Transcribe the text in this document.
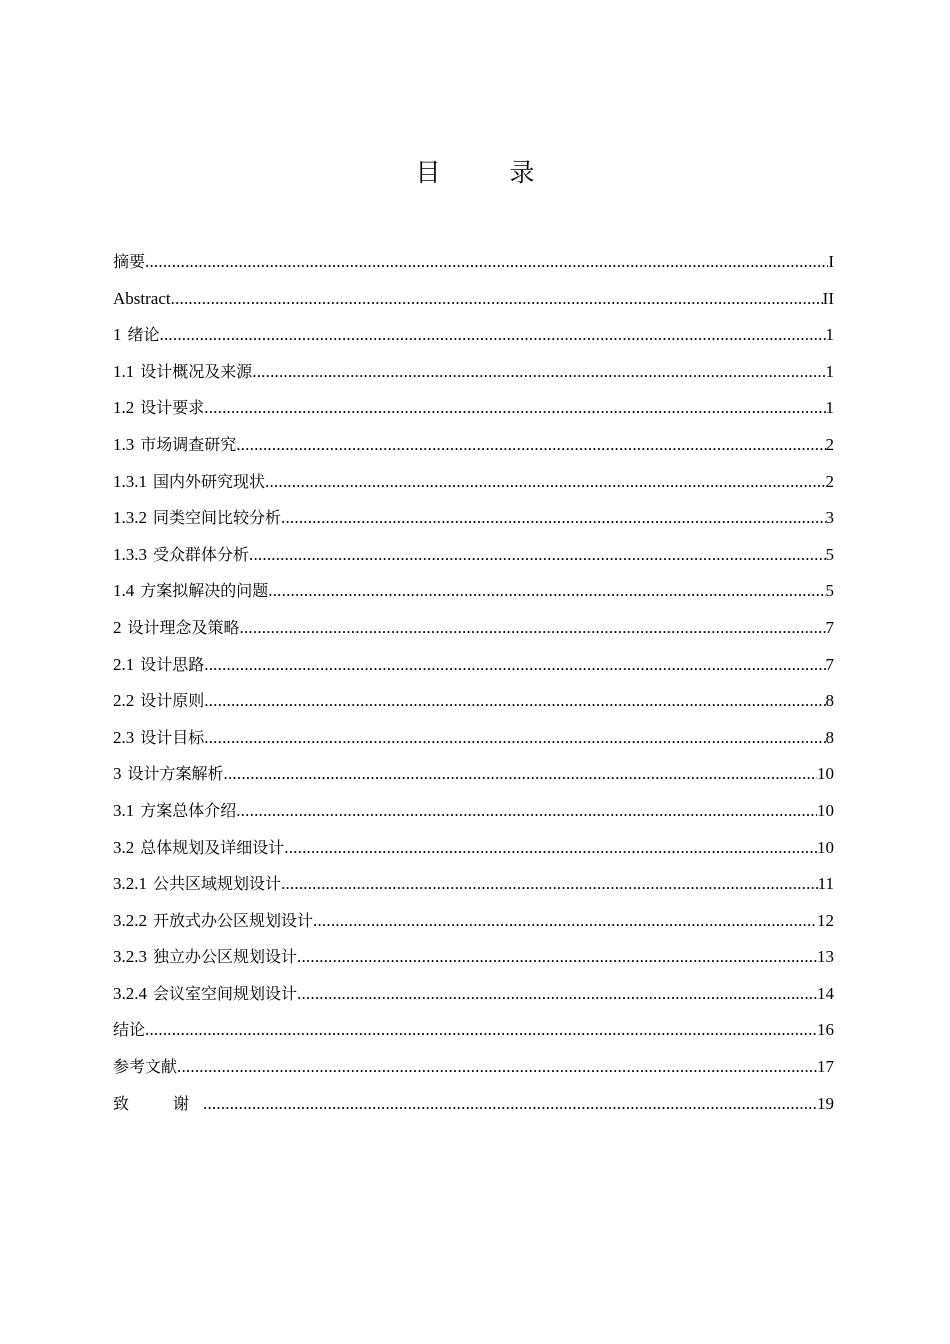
目　录
摘要 .....	I
Abstract .....	II
1 绪论 .....	1
1.1 设计概况及来源 .....	1
1.2 设计要求 .....	1
1.3 市场调查研究 .....	2
1.3.1 国内外研究现状 .....	2
1.3.2 同类空间比较分析 .....	3
1.3.3 受众群体分析 .....	5
1.4 方案拟解决的问题 .....	5
2 设计理念及策略 .....	7
2.1 设计思路 .....	7
2.2 设计原则 .....	8
2.3 设计目标 .....	8
3 设计方案解析 .....	10
3.1 方案总体介绍 .....	10
3.2 总体规划及详细设计 .....	10
3.2.1 公共区域规划设计 .....	11
3.2.2 开放式办公区规划设计 .....	12
3.2.3 独立办公区规划设计 .....	13
3.2.4 会议室空间规划设计 .....	14
结论 .....	16
参考文献 .....	17
致　谢 .....	19
